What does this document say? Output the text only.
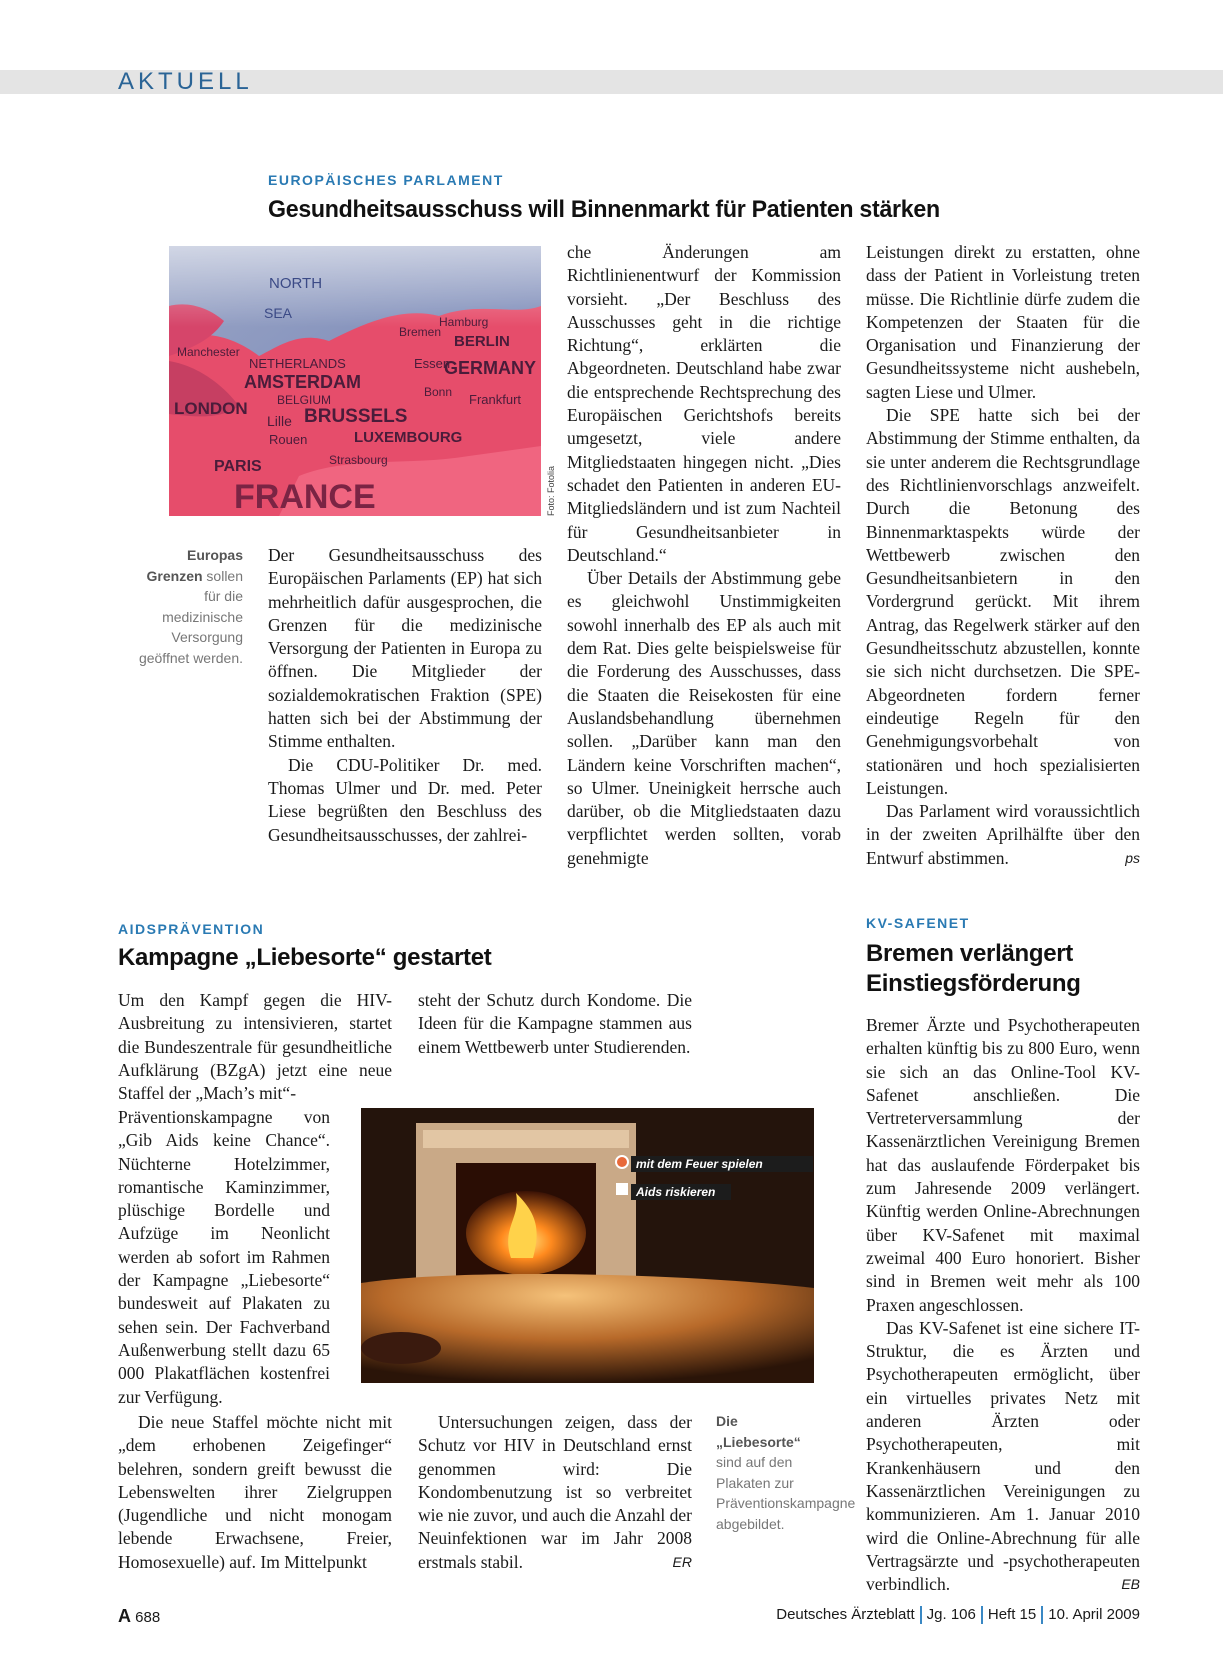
AKTUELL
EUROPÄISCHES PARLAMENT
Gesundheitsausschuss will Binnenmarkt für Patienten stärken
NORTH
SEA
Manchester
NETHERLANDS
AMSTERDAM
BELGIUM
LONDON
Lille BRUSSELS
Rouen	LUXEMBOURG
PARIS	Strasbourg
FRANCE
Bremen
Hamburg
BERLIN
Essen
GERMANY
Bonn Frankfurt
Foto: Fotolia
Europas Grenzen sollen für die medizinische Versorgung geöffnet werden.

Der Gesundheitsausschuss des Europäischen Parlaments (EP) hat sich mehrheitlich dafür ausgesprochen, die Grenzen für die medizinische Versorgung der Patienten in Europa zu öffnen. Die Mitglieder der sozialdemokratischen Fraktion (SPE) hatten sich bei der Abstimmung der Stimme enthalten.

Die CDU-Politiker Dr. med. Thomas Ulmer und Dr. med. Peter Liese begrüßten den Beschluss des Gesundheitsausschusses, der zahlrei-

che Änderungen am Richtlinienentwurf der Kommission vorsieht. „Der Beschluss des Ausschusses geht in die richtige Richtung“, erklärten die Abgeordneten. Deutschland habe zwar die entsprechende Rechtsprechung des Europäischen Gerichtshofs bereits umgesetzt, viele andere Mitgliedstaaten hingegen nicht. „Dies schadet den Patienten in anderen EU-Mitgliedsländern und ist zum Nachteil für Gesundheitsanbieter in Deutschland.“

Über Details der Abstimmung gebe es gleichwohl Unstimmigkeiten sowohl innerhalb des EP als auch mit dem Rat. Dies gelte beispielsweise für die Forderung des Ausschusses, dass die Staaten die Reisekosten für eine Auslandsbehandlung übernehmen sollen. „Darüber kann man den Ländern keine Vorschriften machen“, so Ulmer. Uneinigkeit herrsche auch darüber, ob die Mitgliedstaaten dazu verpflichtet werden sollten, vorab genehmigte

Leistungen direkt zu erstatten, ohne dass der Patient in Vorleistung treten müsse. Die Richtlinie dürfe zudem die Kompetenzen der Staaten für die Organisation und Finanzierung der Gesundheitssysteme nicht aushebeln, sagten Liese und Ulmer.

Die SPE hatte sich bei der Abstimmung der Stimme enthalten, da sie unter anderem die Rechtsgrundlage des Richtlinienvorschlags anzweifelt. Durch die Betonung des Binnenmarktaspekts würde der Wettbewerb zwischen den Gesundheitsanbietern in den Vordergrund gerückt. Mit ihrem Antrag, das Regelwerk stärker auf den Gesundheitsschutz abzustellen, konnte sie sich nicht durchsetzen. Die SPE-Abgeordneten fordern ferner eindeutige Regeln für den Genehmigungsvorbehalt von stationären und hoch spezialisierten Leistungen.

Das Parlament wird voraussichtlich in der zweiten Aprilhälfte über den Entwurf abstimmen.	ps

AIDSPRÄVENTION
Kampagne „Liebesorte“ gestartet

Um den Kampf gegen die HIV-Ausbreitung zu intensivieren, startet die Bundeszentrale für gesundheitliche Aufklärung (BZgA) jetzt eine neue Staffel der „Mach’s mit“-

Präventionskampagne von „Gib Aids keine Chance“. Nüchterne Hotelzimmer, romantische Kaminzimmer, plüschige Bordelle und Aufzüge im Neonlicht werden ab sofort im Rahmen der Kampagne „Liebesorte“ bundesweit auf Plakaten zu sehen sein. Der Fachverband Außenwerbung stellt dazu 65 000 Plakatflächen kostenfrei zur Verfügung.

Die neue Staffel möchte nicht mit „dem erhobenen Zeigefinger“ belehren, sondern greift bewusst die Lebenswelten ihrer Zielgruppen (Jugendliche und nicht monogam lebende Erwachsene, Freier, Homosexuelle) auf. Im Mittelpunkt

steht der Schutz durch Kondome. Die Ideen für die Kampagne stammen aus einem Wettbewerb unter Studierenden.

mit dem Feuer spielen
Aids riskieren

Untersuchungen zeigen, dass der Schutz vor HIV in Deutschland ernst genommen wird: Die Kondombenutzung ist so verbreitet wie nie zuvor, und auch die Anzahl der Neuinfektionen war im Jahr 2008 erstmals stabil.	ER

Die „Liebesorte“ sind auf den Plakaten zur Präventionskampagne abgebildet.
KV-SAFENET
Bremen verlängert
Einstiegsförderung

Bremer Ärzte und Psychotherapeuten erhalten künftig bis zu 800 Euro, wenn sie sich an das Online-Tool KV-Safenet anschließen. Die Vertreterversammlung der Kassenärztlichen Vereinigung Bremen hat das auslaufende Förderpaket bis zum Jahresende 2009 verlängert. Künftig werden Online-Abrechnungen über KV-Safenet mit maximal zweimal 400 Euro honoriert. Bisher sind in Bremen weit mehr als 100 Praxen angeschlossen.

Das KV-Safenet ist eine sichere IT-Struktur, die es Ärzten und Psychotherapeuten ermöglicht, über ein virtuelles privates Netz mit anderen Ärzten oder Psychotherapeuten, mit Krankenhäusern und den Kassenärztlichen Vereinigungen zu kommunizieren. Am 1. Januar 2010 wird die Online-Abrechnung für alle Vertragsärzte und -psychotherapeuten verbindlich.	EB

A 688	Deutsches Ärzteblatt Jg. 106 Heft 15 10. April 2009
